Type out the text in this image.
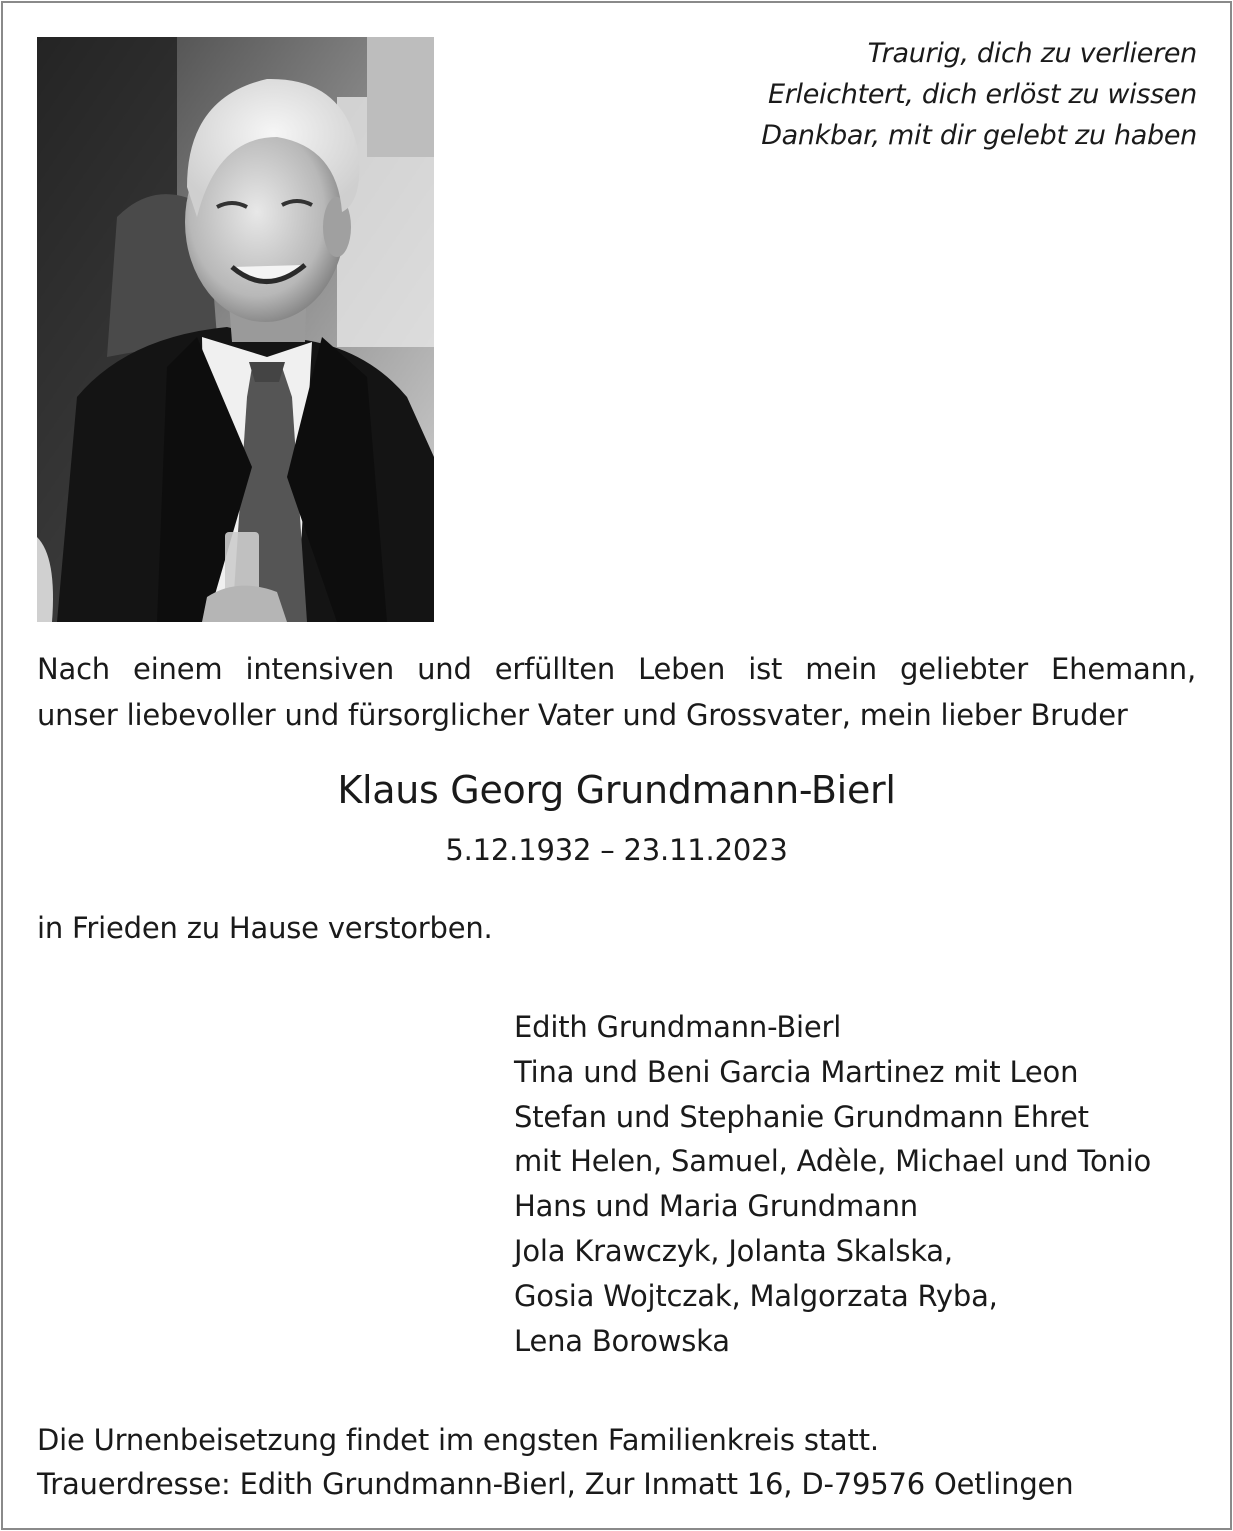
Traurig, dich zu verlieren
Erleichtert, dich erlöst zu wissen
Dankbar, mit dir gelebt zu haben
Nach einem intensiven und erfüllten Leben ist mein geliebter Ehemann,
unser liebevoller und fürsorglicher Vater und Grossvater, mein lieber Bruder
Klaus Georg Grundmann-Bierl
5.12.1932 – 23.11.2023
in Frieden zu Hause verstorben.
Edith Grundmann-Bierl
Tina und Beni Garcia Martinez mit Leon
Stefan und Stephanie Grundmann Ehret
mit Helen, Samuel, Adèle, Michael und Tonio
Hans und Maria Grundmann
Jola Krawczyk, Jolanta Skalska,
Gosia Wojtczak, Malgorzata Ryba,
Lena Borowska
Die Urnenbeisetzung findet im engsten Familienkreis statt.
Trauerdresse: Edith Grundmann-Bierl, Zur Inmatt 16, D-79576 Oetlingen
